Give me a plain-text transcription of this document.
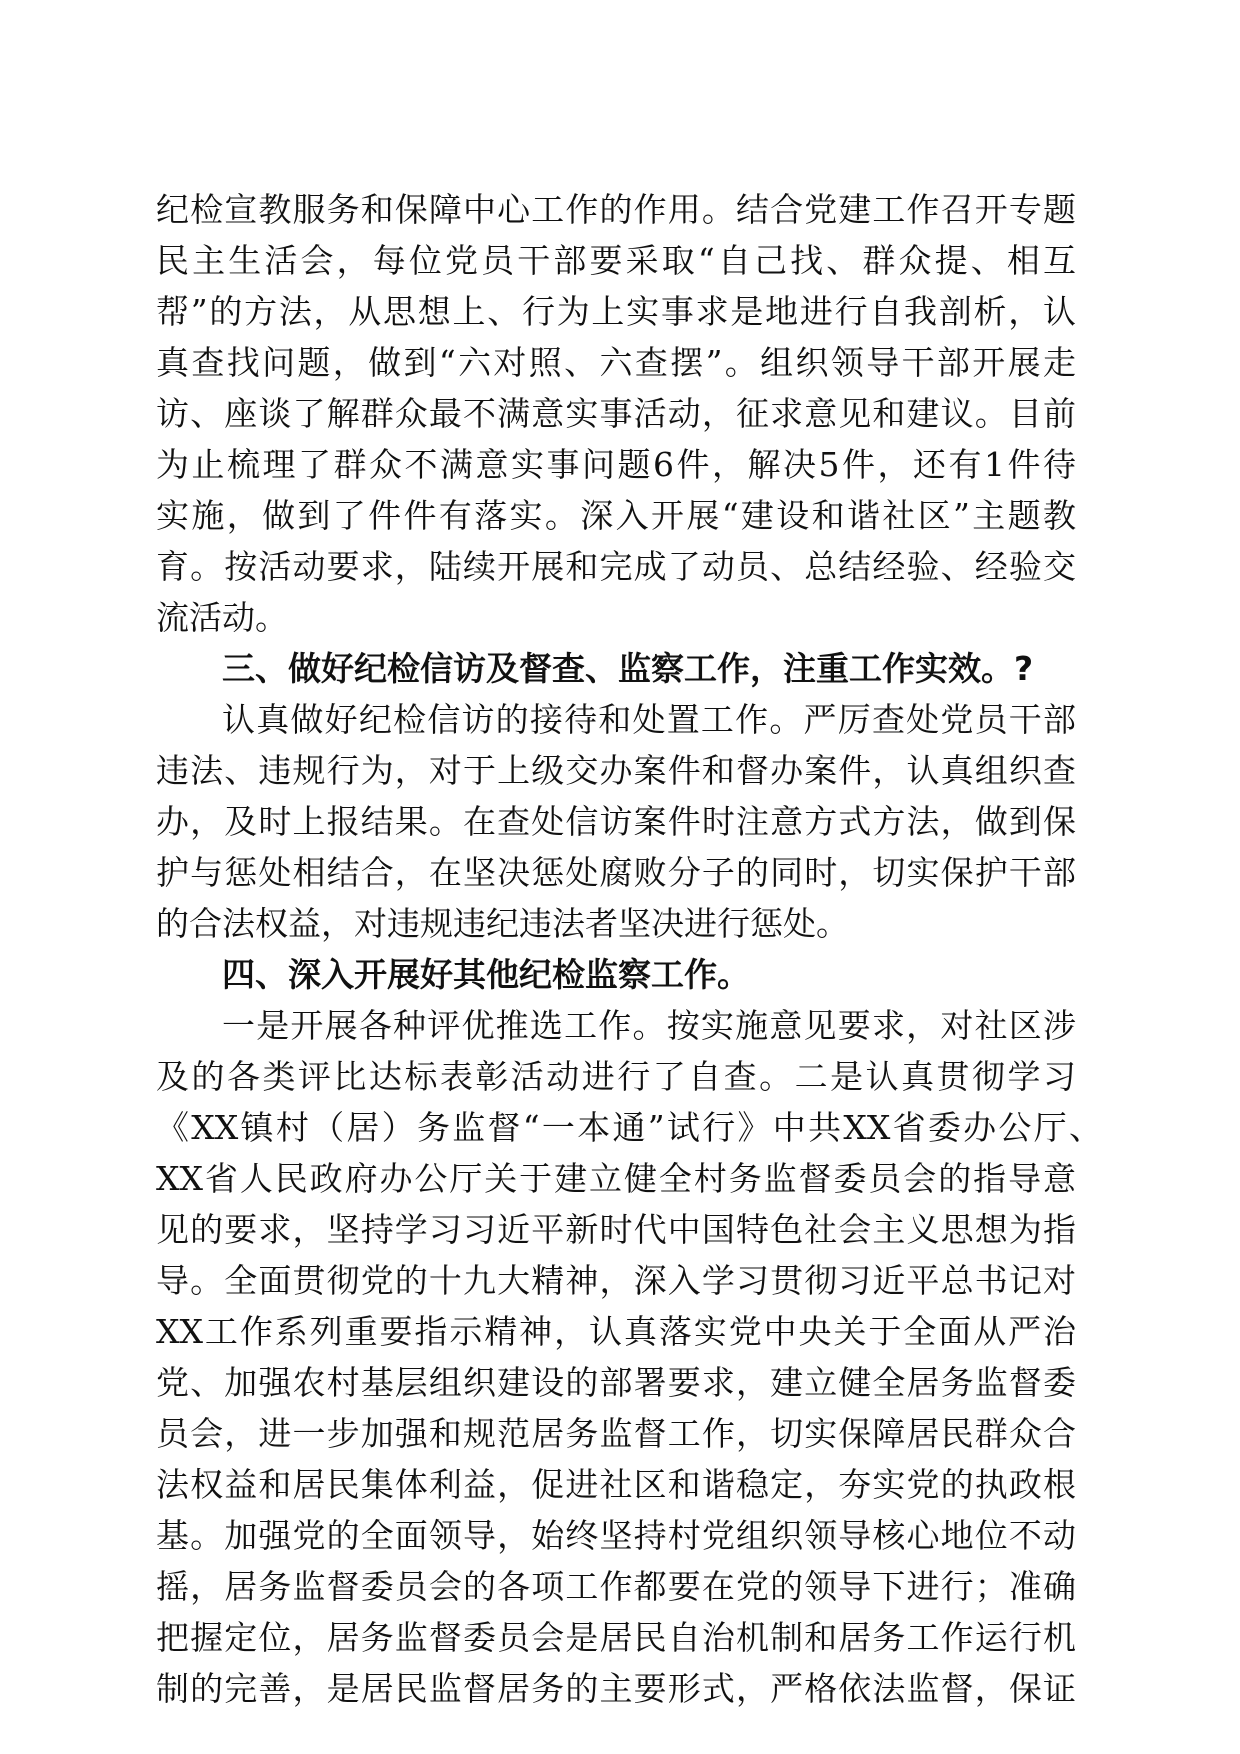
纪检宣教服务和保障中心工作的作用。结合党建工作召开专题
民主生活会，每位党员干部要采取“自己找、群众提、相互
帮”的方法，从思想上、行为上实事求是地进行自我剖析，认
真查找问题，做到“六对照、六查摆”。组织领导干部开展走
访、座谈了解群众最不满意实事活动，征求意见和建议。目前
为止梳理了群众不满意实事问题6件，解决5件，还有1件待
实施，做到了件件有落实。深入开展“建设和谐社区”主题教
育。按活动要求，陆续开展和完成了动员、总结经验、经验交
流活动。
三、做好纪检信访及督查、监察工作，注重工作实效。?
认真做好纪检信访的接待和处置工作。严厉查处党员干部
违法、违规行为，对于上级交办案件和督办案件，认真组织查
办，及时上报结果。在查处信访案件时注意方式方法，做到保
护与惩处相结合，在坚决惩处腐败分子的同时，切实保护干部
的合法权益，对违规违纪违法者坚决进行惩处。
四、深入开展好其他纪检监察工作。
一是开展各种评优推选工作。按实施意见要求，对社区涉
及的各类评比达标表彰活动进行了自查。二是认真贯彻学习
《XX镇村（居）务监督“一本通”试行》中共XX省委办公厅、
XX省人民政府办公厅关于建立健全村务监督委员会的指导意
见的要求，坚持学习习近平新时代中国特色社会主义思想为指
导。全面贯彻党的十九大精神，深入学习贯彻习近平总书记对
XX工作系列重要指示精神，认真落实党中央关于全面从严治
党、加强农村基层组织建设的部署要求，建立健全居务监督委
员会，进一步加强和规范居务监督工作，切实保障居民群众合
法权益和居民集体利益，促进社区和谐稳定，夯实党的执政根
基。加强党的全面领导，始终坚持村党组织领导核心地位不动
摇，居务监督委员会的各项工作都要在党的领导下进行；准确
把握定位，居务监督委员会是居民自治机制和居务工作运行机
制的完善，是居民监督居务的主要形式，严格依法监督，保证
